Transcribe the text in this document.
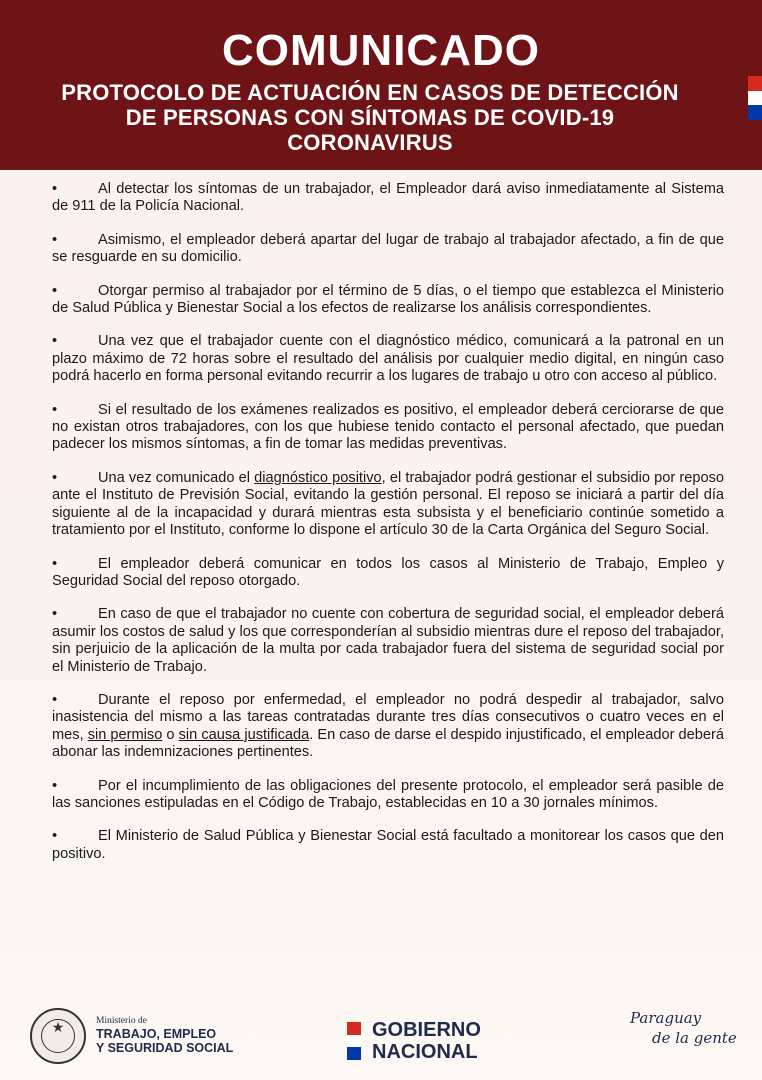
COMUNICADO
PROTOCOLO DE ACTUACIÓN EN CASOS DE DETECCIÓN
DE PERSONAS CON SÍNTOMAS DE COVID-19
CORONAVIRUS
•	Al detectar los síntomas de un trabajador, el Empleador dará aviso inmediatamente al Sistema de 911 de la Policía Nacional.
•	Asimismo, el empleador deberá apartar del lugar de trabajo al trabajador afectado, a fin de que se resguarde en su domicilio.
•	Otorgar permiso al trabajador por el término de 5 días, o el tiempo que establezca el Ministerio de Salud Pública y Bienestar Social a los efectos de realizarse los análisis correspondientes.
•	Una vez que el trabajador cuente con el diagnóstico médico, comunicará a la patronal en un plazo máximo de 72 horas sobre el resultado del análisis por cualquier medio digital, en ningún caso podrá hacerlo en forma personal evitando recurrir a los lugares de trabajo u otro con acceso al público.
•	Si el resultado de los exámenes realizados es positivo, el empleador deberá cerciorarse de que no existan otros trabajadores, con los que hubiese tenido contacto el personal afectado, que puedan padecer los mismos síntomas, a fin de tomar las medidas preventivas.
•	Una vez comunicado el diagnóstico positivo, el trabajador podrá gestionar el subsidio por reposo ante el Instituto de Previsión Social, evitando la gestión personal. El reposo se iniciará a partir del día siguiente al de la incapacidad y durará mientras esta subsista y el beneficiario continúe sometido a tratamiento por el Instituto, conforme lo dispone el artículo 30 de la Carta Orgánica del Seguro Social.
•	El empleador deberá comunicar en todos los casos al Ministerio de Trabajo, Empleo y Seguridad Social del reposo otorgado.
•	En caso de que el trabajador no cuente con cobertura de seguridad social, el empleador deberá asumir los costos de salud y los que corresponderían al subsidio mientras dure el reposo del trabajador, sin perjuicio de la aplicación de la multa por cada trabajador fuera del sistema de seguridad social por el Ministerio de Trabajo.
•	Durante el reposo por enfermedad, el empleador no podrá despedir al trabajador, salvo inasistencia del mismo a las tareas contratadas durante tres días consecutivos o cuatro veces en el mes, sin permiso o sin causa justificada. En caso de darse el despido injustificado, el empleador deberá abonar las indemnizaciones pertinentes.
•	Por el incumplimiento de las obligaciones del presente protocolo, el empleador será pasible de las sanciones estipuladas en el Código de Trabajo, establecidas en 10 a 30 jornales mínimos.
•	El Ministerio de Salud Pública y Bienestar Social está facultado a monitorear los casos que den positivo.
★	Ministerio de
TRABAJO, EMPLEO
Y SEGURIDAD SOCIAL
GOBIERNO
NACIONAL
Paraguay
de la gente
